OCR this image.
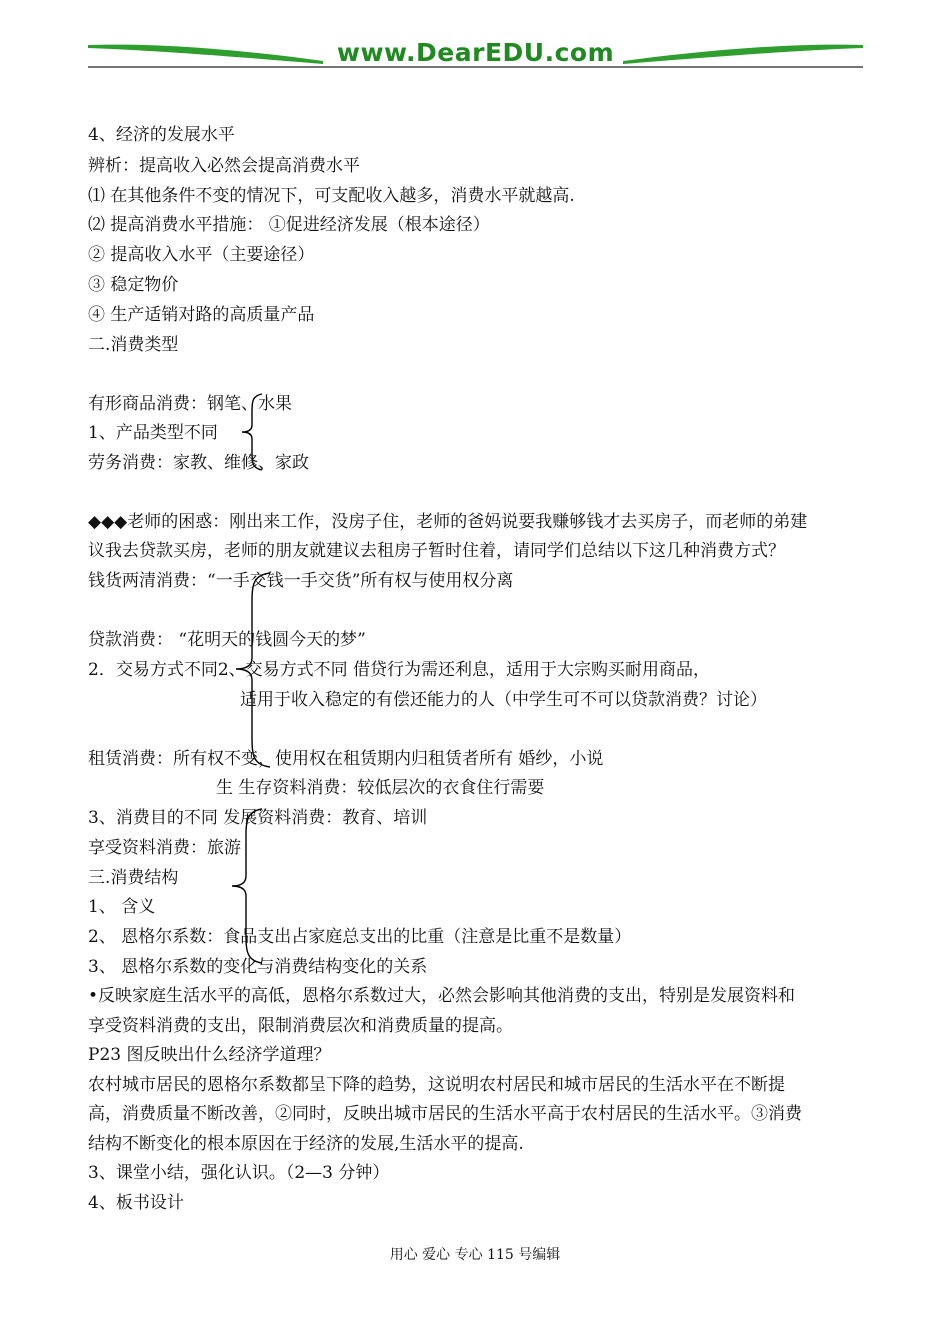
www.DearEDU.com
4、经济的发展水平
辨析：提高收入必然会提高消费水平
⑴ 在其他条件不变的情况下，可支配收入越多，消费水平就越高.
⑵ 提高消费水平措施： ①促进经济发展（根本途径）
② 提高收入水平（主要途径）
③ 稳定物价
④ 生产适销对路的高质量产品
二.消费类型
有形商品消费：钢笔、水果
1、产品类型不同
劳务消费：家教、维修、家政
◆◆◆老师的困惑：刚出来工作，没房子住，老师的爸妈说要我赚够钱才去买房子，而老师的弟建
议我去贷款买房，老师的朋友就建议去租房子暂时住着，请同学们总结以下这几种消费方式？
钱货两清消费：“一手交钱一手交货”所有权与使用权分离
贷款消费： “花明天的钱圆今天的梦”
2．交易方式不同2、交易方式不同 借贷行为需还利息，适用于大宗购买耐用商品，
适用于收入稳定的有偿还能力的人（中学生可不可以贷款消费？讨论）
租赁消费：所有权不变，使用权在租赁期内归租赁者所有 婚纱，小说
生 生存资料消费：较低层次的衣食住行需要
3、消费目的不同 发展资料消费：教育、培训
享受资料消费：旅游
三.消费结构
1、 含义
2、 恩格尔系数：食品支出占家庭总支出的比重（注意是比重不是数量）
3、 恩格尔系数的变化与消费结构变化的关系
•反映家庭生活水平的高低，恩格尔系数过大，必然会影响其他消费的支出，特别是发展资料和
享受资料消费的支出，限制消费层次和消费质量的提高。
P23 图反映出什么经济学道理？
农村城市居民的恩格尔系数都呈下降的趋势，这说明农村居民和城市居民的生活水平在不断提
高，消费质量不断改善，②同时，反映出城市居民的生活水平高于农村居民的生活水平。③消费
结构不断变化的根本原因在于经济的发展,生活水平的提高.
3、课堂小结，强化认识。（2—3 分钟）
4、板书设计
用心 爱心 专心 115 号编辑
